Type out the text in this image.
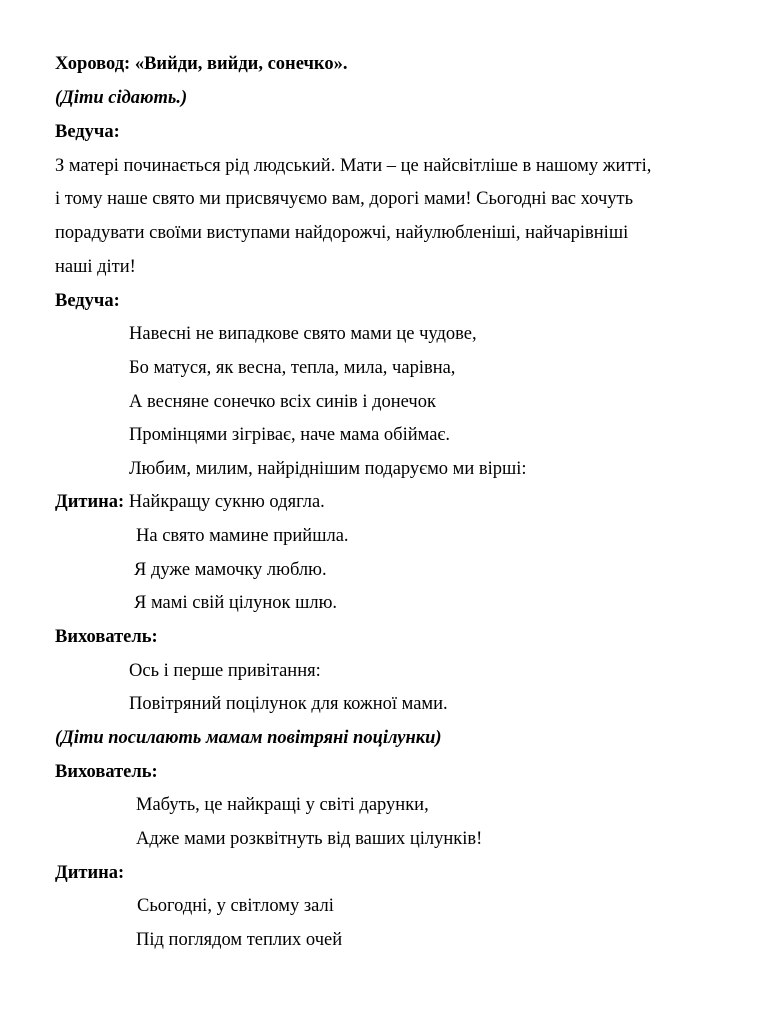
Хоровод: «Вийди, вийди, сонечко».
(Діти сідають.)
Ведуча:
З матері починається рід людський. Мати – це найсвітліше в нашому житті,
і тому наше свято ми присвячуємо вам, дорогі мами! Сьогодні вас хочуть
порадувати своїми виступами найдорожчі, найулюбленіші, найчарівніші
наші діти!
Ведуча:
Навесні не випадкове свято мами це чудове,
Бо матуся, як весна, тепла, мила, чарівна,
А весняне сонечко всіх синів і донечок
Промінцями зігріває, наче мама обіймає.
Любим, милим, найріднішим подаруємо ми вірші:
Дитина: Найкращу сукню одягла.
На свято мамине прийшла.
Я дуже мамочку люблю.
Я мамі свій цілунок шлю.
Вихователь:
Ось і перше привітання:
Повітряний поцілунок для кожної мами.
(Діти посилають мамам повітряні поцілунки)
Вихователь:
Мабуть, це найкращі у світі дарунки,
Адже мами розквітнуть від ваших цілунків!
Дитина:
Сьогодні, у світлому залі
Під поглядом теплих очей
